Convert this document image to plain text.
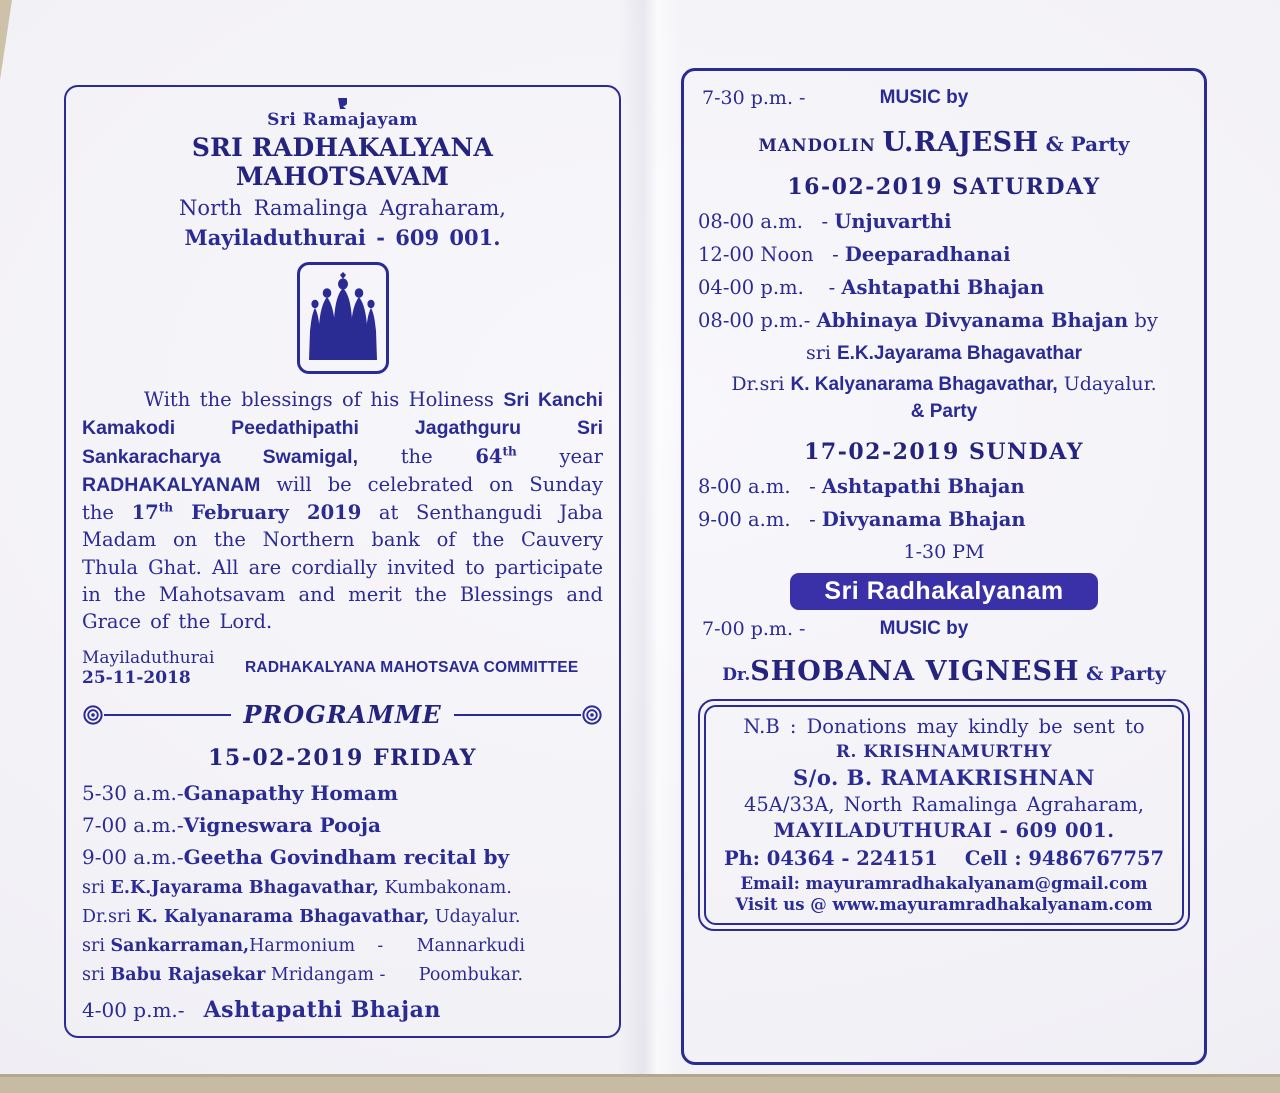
Sri Ramajayam
SRI RADHAKALYANA MAHOTSAVAM
North Ramalinga Agraharam,
Mayiladuthurai - 609 001.
With the blessings of his Holiness Sri Kanchi Kamakodi Peedathipathi Jagathguru Sri Sankaracharya Swamigal, the 64th year RADHAKALYANAM will be celebrated on Sunday the 17th February 2019 at Senthangudi Jaba Madam on the Northern bank of the Cauvery Thula Ghat. All are cordially invited to participate in the Mahotsavam and merit the Blessings and Grace of the Lord.
Mayiladuthurai
25-11-2018
RADHAKALYANA MAHOTSAVA COMMITTEE
PROGRAMME
15-02-2019 FRIDAY
5-30 a.m.-Ganapathy Homam
7-00 a.m.-Vigneswara Pooja
9-00 a.m.-Geetha Govindham recital by
sri E.K.Jayarama Bhagavathar, Kumbakonam.
Dr.sri K. Kalyanarama Bhagavathar, Udayalur.
sri Sankarraman,Harmonium    -      Mannarkudi
sri Babu Rajasekar Mridangam -      Poombukar.
4-00 p.m.-   Ashtapathi Bhajan
7-30 p.m. -	MUSIC by
MANDOLIN U.RAJESH & Party
16-02-2019 SATURDAY
08-00 a.m.   - Unjuvarthi
12-00 Noon   - Deeparadhanai
04-00 p.m.    - Ashtapathi Bhajan
08-00 p.m.- Abhinaya Divyanama Bhajan by
sri E.K.Jayarama Bhagavathar
Dr.sri K. Kalyanarama Bhagavathar, Udayalur.
& Party
17-02-2019 SUNDAY
8-00 a.m.   - Ashtapathi Bhajan
9-00 a.m.   - Divyanama Bhajan
1-30 PM
Sri Radhakalyanam
7-00 p.m. -	MUSIC by
Dr.SHOBANA VIGNESH & Party
N.B : Donations may kindly be sent to
R. KRISHNAMURTHY
S/o. B. RAMAKRISHNAN
45A/33A, North Ramalinga Agraharam,
MAYILADUTHURAI - 609 001.
Ph: 04364 - 224151    Cell : 9486767757
Email: mayuramradhakalyanam@gmail.com
Visit us @ www.mayuramradhakalyanam.com
